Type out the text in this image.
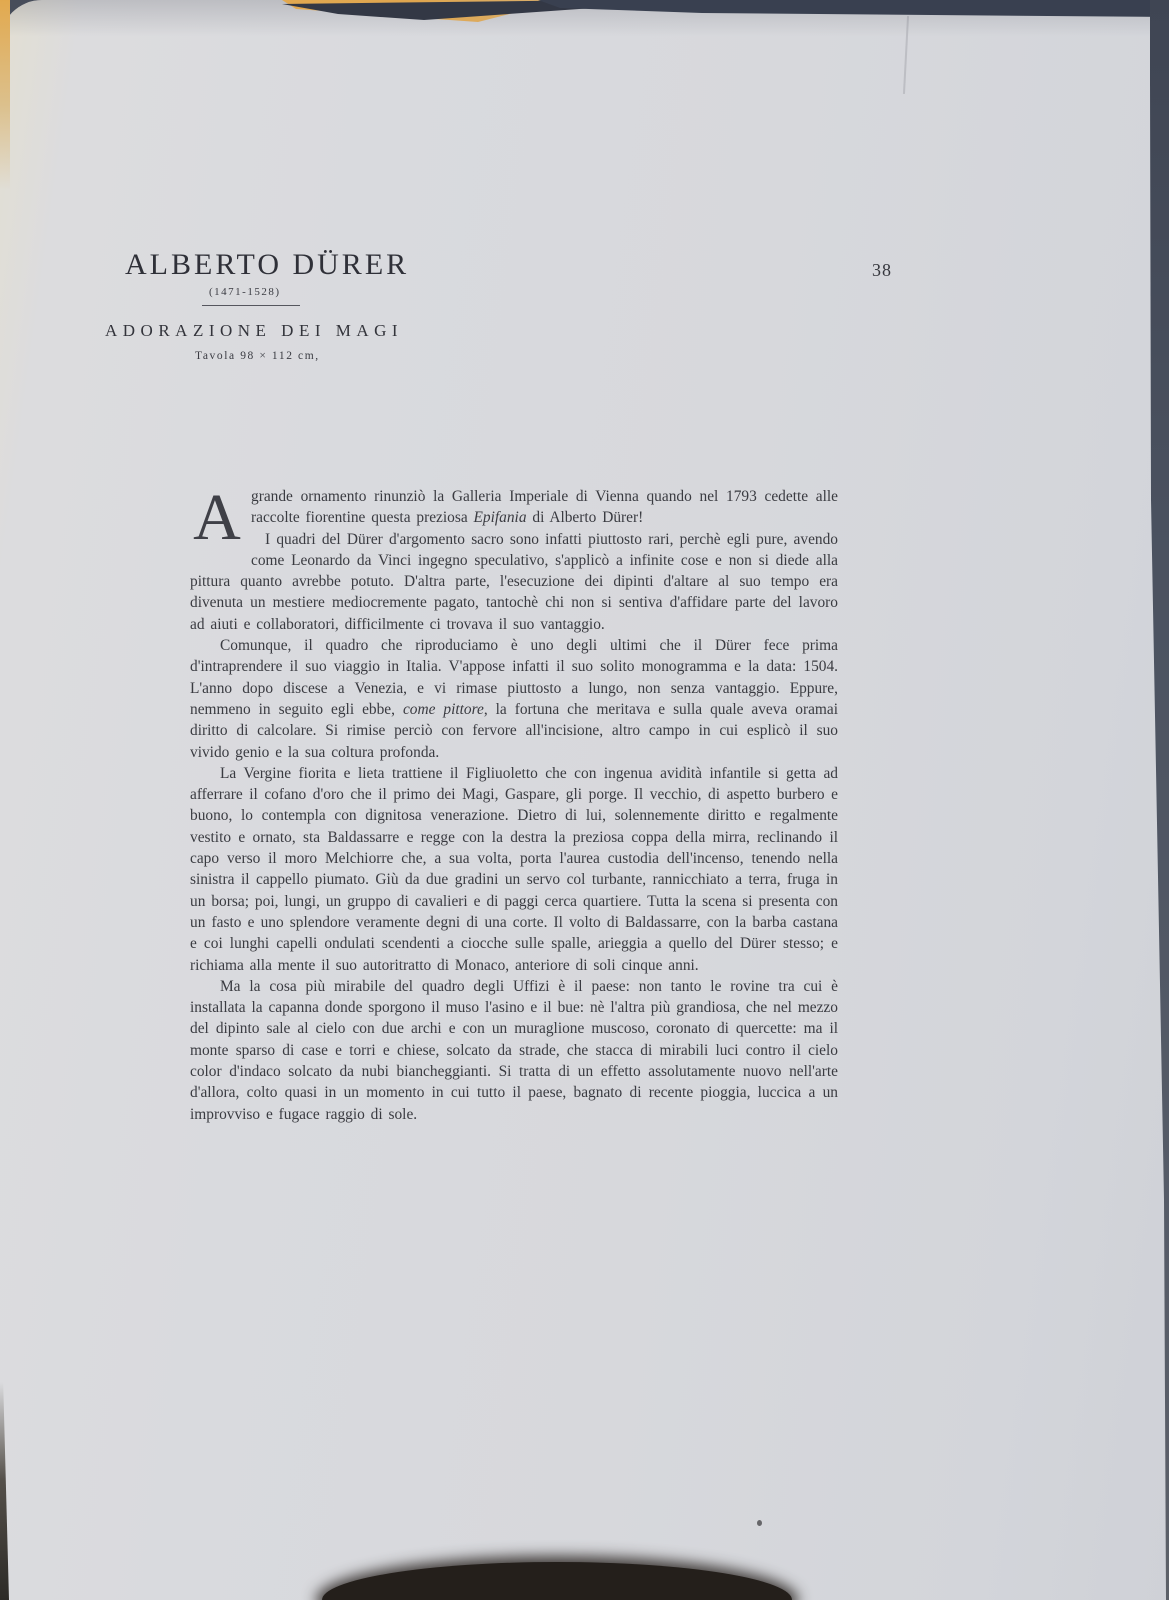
ALBERTO DÜRER
(1471-1528)
ADORAZIONE DEI MAGI
Tavola 98 × 112 cm,
38
A grande ornamento rinunziò la Galleria Imperiale di Vienna quando nel 1793 cedette alle raccolte fiorentine questa preziosa Epifania di Alberto Dürer!

I quadri del Dürer d'argomento sacro sono infatti piuttosto rari, perchè egli pure, avendo come Leonardo da Vinci ingegno speculativo, s'applicò a infinite cose e non si diede alla pittura quanto avrebbe potuto. D'altra parte, l'esecuzione dei dipinti d'altare al suo tempo era divenuta un mestiere mediocremente pagato, tantochè chi non si sentiva d'affidare parte del lavoro ad aiuti e collaboratori, difficilmente ci trovava il suo vantaggio.

Comunque, il quadro che riproduciamo è uno degli ultimi che il Dürer fece prima d'intraprendere il suo viaggio in Italia. V'appose infatti il suo solito monogramma e la data: 1504. L'anno dopo discese a Venezia, e vi rimase piuttosto a lungo, non senza vantaggio. Eppure, nemmeno in seguito egli ebbe, come pittore, la fortuna che meritava e sulla quale aveva oramai diritto di calcolare. Si rimise perciò con fervore all'incisione, altro campo in cui esplicò il suo vivido genio e la sua coltura profonda.

La Vergine fiorita e lieta trattiene il Figliuoletto che con ingenua avidità infantile si getta ad afferrare il cofano d'oro che il primo dei Magi, Gaspare, gli porge. Il vecchio, di aspetto burbero e buono, lo contempla con dignitosa venerazione. Dietro di lui, solennemente diritto e regalmente vestito e ornato, sta Baldassarre e regge con la destra la preziosa coppa della mirra, reclinando il capo verso il moro Melchiorre che, a sua volta, porta l'aurea custodia dell'incenso, tenendo nella sinistra il cappello piumato. Giù da due gradini un servo col turbante, rannicchiato a terra, fruga in un borsa; poi, lungi, un gruppo di cavalieri e di paggi cerca quartiere. Tutta la scena si presenta con un fasto e uno splendore veramente degni di una corte. Il volto di Baldassarre, con la barba castana e coi lunghi capelli ondulati scendenti a ciocche sulle spalle, arieggia a quello del Dürer stesso; e richiama alla mente il suo autoritratto di Monaco, anteriore di soli cinque anni.

Ma la cosa più mirabile del quadro degli Uffizi è il paese: non tanto le rovine tra cui è installata la capanna donde sporgono il muso l'asino e il bue: nè l'altra più grandiosa, che nel mezzo del dipinto sale al cielo con due archi e con un muraglione muscoso, coronato di quercette: ma il monte sparso di case e torri e chiese, solcato da strade, che stacca di mirabili luci contro il cielo color d'indaco solcato da nubi biancheggianti. Si tratta di un effetto assolutamente nuovo nell'arte d'allora, colto quasi in un momento in cui tutto il paese, bagnato di recente pioggia, luccica a un improvviso e fugace raggio di sole.
